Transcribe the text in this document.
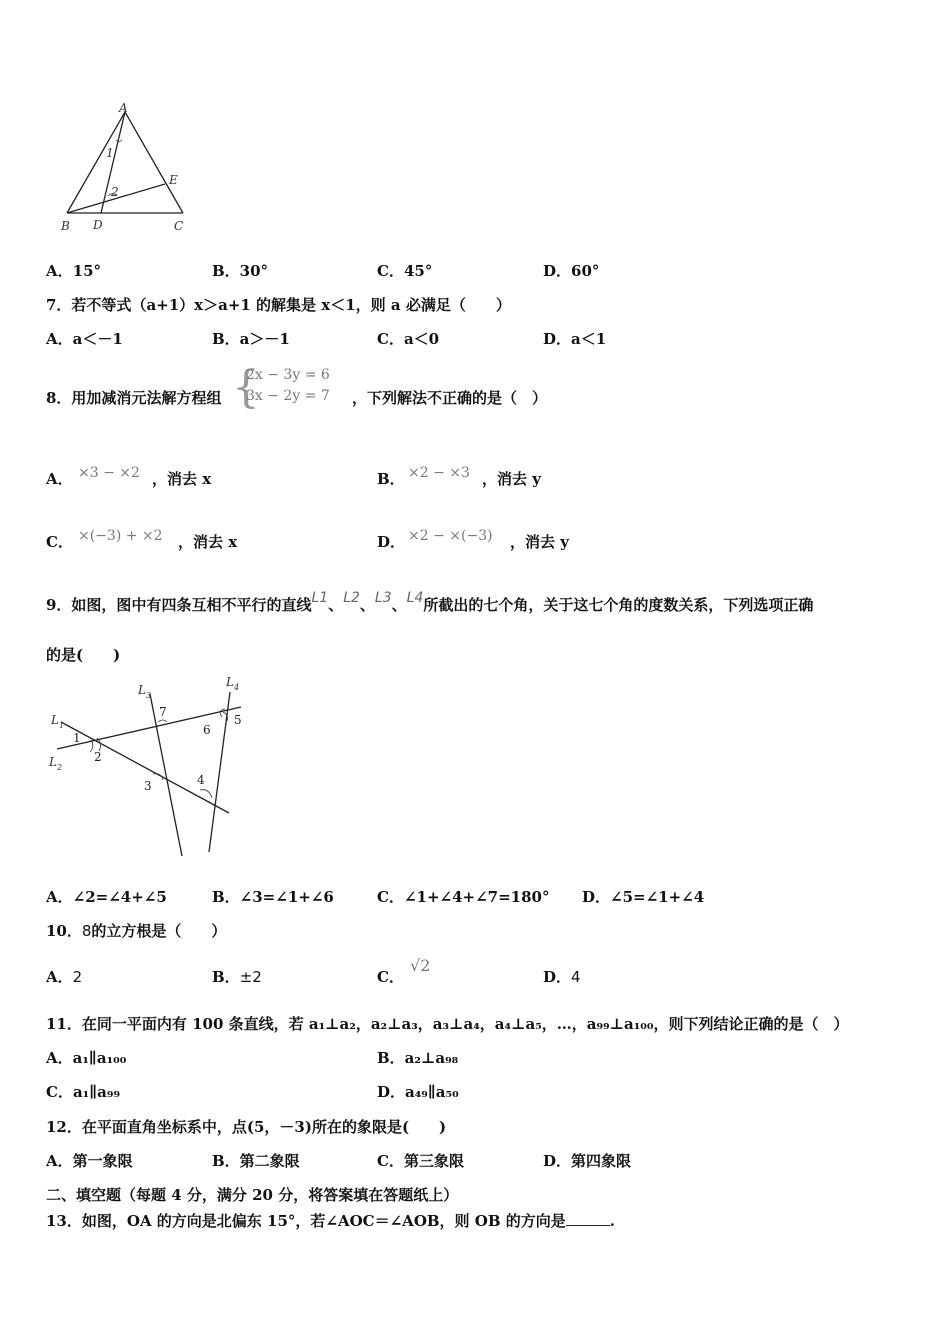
A
B	C
D
E
1
2
A．15°	B．30°	C．45°	D．60°
7．若不等式（a+1）x＞a+1 的解集是 x＜1，则 a 必满足（　　）
A．a＜－1	B．a＞－1	C．a＜0	D．a＜1
8．用加减消元法解方程组 {
2x − 3y = 6
3x − 2y = 7 ，下列解法不正确的是（　）
A． ×3 − ×2 ，消去 x	B． ×2 − ×3 ，消去 y
C． ×(−3) + ×2 ，消去 x	D． ×2 − ×(−3) ，消去 y
9．如图，图中有四条互相不平行的直线L1、L2、L3、L4所截出的七个角，关于这七个角的度数关系，下列选项正确
的是(　　)
$L_1$
$L_2$
$L_3$
$L_4$
1
2
3	4
5
6
7
A．∠2=∠4+∠5	B．∠3=∠1+∠6	C．∠1+∠4+∠7=180° D．∠5=∠1+∠4
10．8的立方根是（　　）
A．2	B．±2	C．
√2
D．4
11．在同一平面内有 100 条直线，若 a₁⊥a₂，a₂⊥a₃，a₃⊥a₄，a₄⊥a₅，…，a₉₉⊥a₁₀₀，则下列结论正确的是（　）
A．a₁∥a₁₀₀	B．a₂⊥a₉₈
C．a₁∥a₉₉	D．a₄₉∥a₅₀
12．在平面直角坐标系中，点(5，－3)所在的象限是(　　)
A．第一象限	B．第二象限	C．第三象限	D．第四象限
二、填空题（每题 4 分，满分 20 分，将答案填在答题纸上）
13．如图，OA 的方向是北偏东 15°，若∠AOC＝∠AOB，则 OB 的方向是	.
